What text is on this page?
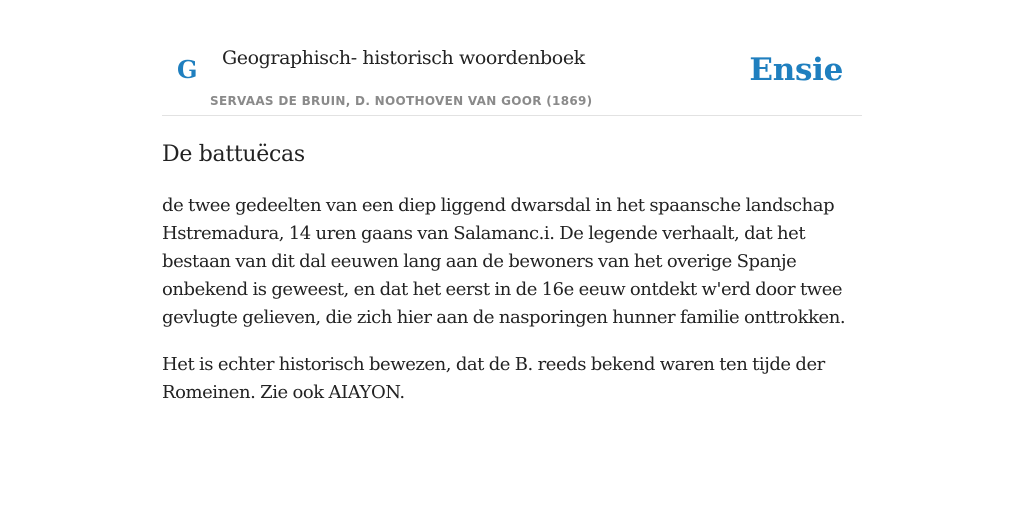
G Geographisch- historisch woordenboek
SERVAAS DE BRUIN, D. NOOTHOVEN VAN GOOR (1869)
Ensie
De battuëcas

de twee gedeelten van een diep liggend dwarsdal in het spaansche landschap Hstremadura, 14 uren gaans van Salamanc.i. De legende verhaalt, dat het bestaan van dit dal eeuwen lang aan de bewoners van het overige Spanje onbekend is geweest, en dat het eerst in de 16e eeuw ontdekt w'erd door twee gevlugte gelieven, die zich hier aan de nasporingen hunner familie onttrokken.

Het is echter historisch bewezen, dat de B. reeds bekend waren ten tijde der Romeinen. Zie ook AIAYON.
